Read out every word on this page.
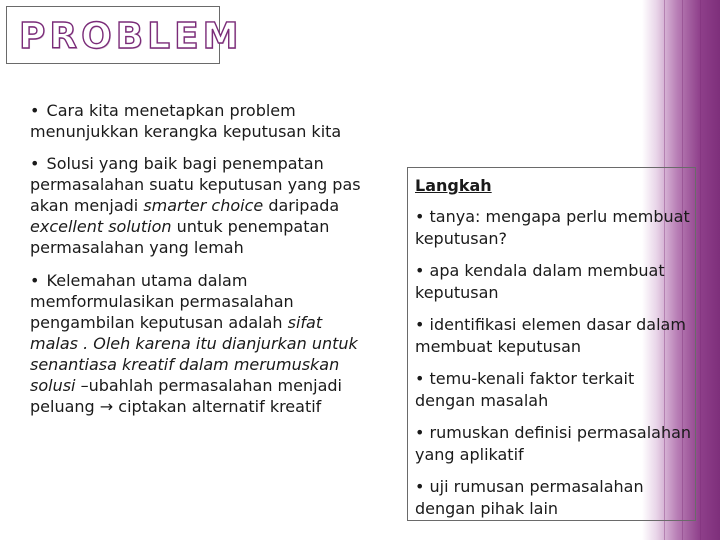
PROBLEM
• Cara kita menetapkan problem menunjukkan kerangka keputusan kita
• Solusi yang baik bagi penempatan permasalahan suatu keputusan yang pas akan menjadi smarter choice daripada excellent solution untuk penempatan permasalahan yang lemah
• Kelemahan utama dalam memformulasikan permasalahan pengambilan keputusan adalah sifat malas . Oleh karena itu dianjurkan untuk senantiasa kreatif dalam merumuskan solusi –ubahlah permasalahan menjadi peluang → ciptakan alternatif kreatif
Langkah
• tanya: mengapa perlu membuat keputusan?
• apa kendala dalam membuat keputusan
• identifikasi elemen dasar dalam membuat keputusan
• temu-kenali faktor terkait dengan masalah
• rumuskan definisi permasalahan yang aplikatif
• uji rumusan permasalahan dengan pihak lain
